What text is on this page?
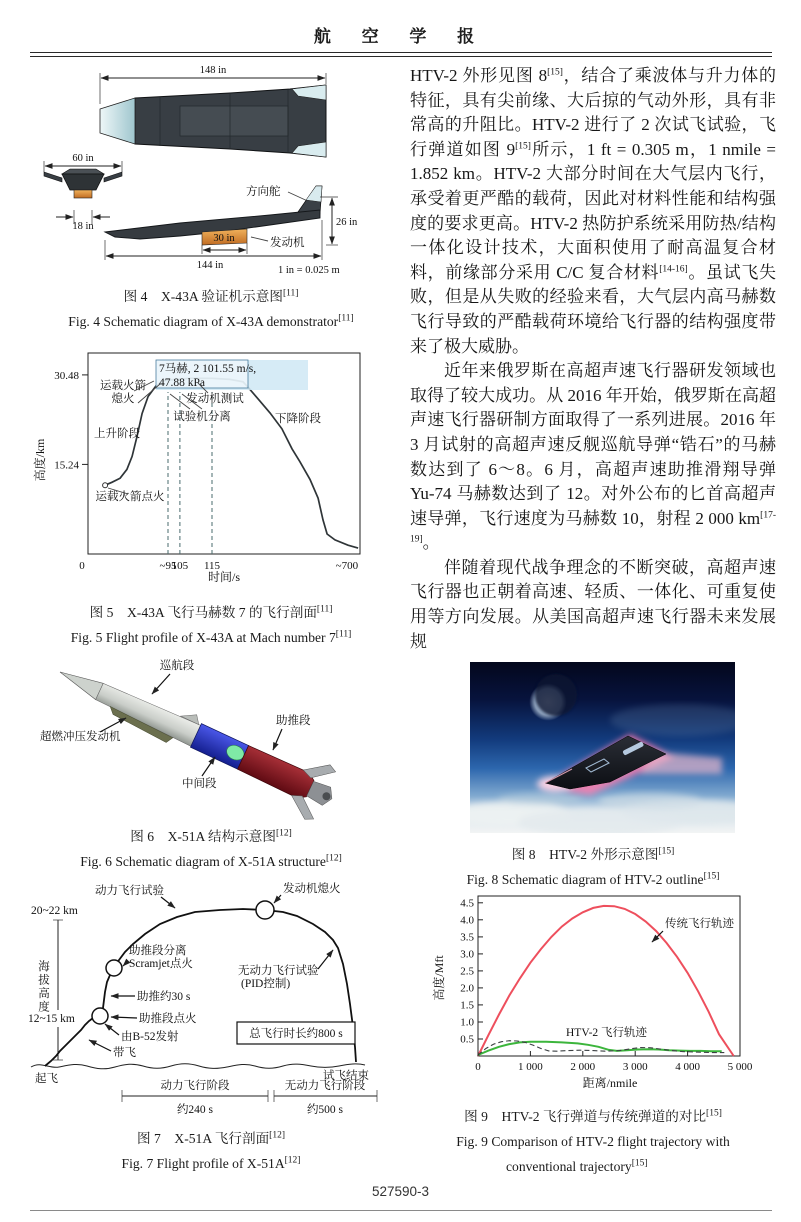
航 空 学 报
148 in
60 in
18 in
方向舵
30 in	发动机
26 in
144 in	1 in = 0.025 m
图 4　X-43A 验证机示意图[11]
Fig. 4 Schematic diagram of X-43A demonstrator[11]
0	~95
105 115	~700
30.48
15.24
7马赫, 2 101.55 m/s,
47.88 kPa
运载火箭
熄火
上升阶段
试验机分离
发动机测试
下降阶段
运载火箭点火
时间/s
高度/km
图 5　X-43A 飞行马赫数 7 的飞行剖面[11]
Fig. 5 Flight profile of X-43A at Mach number 7[11]
巡航段
超燃冲压发动机
助推段
中间段
图 6　X-51A 结构示意图[12]
Fig. 6 Schematic diagram of X-51A structure[12]
20~22 km
12~15 km
动力飞行试验	发动机熄火
助推段分离
Scramjet点火
助推约30 s
助推段点火
由B-52发射
带飞
起飞
无动力飞行试验
(PID控制)
总飞行时长约800 s
试飞结束
动力飞行阶段
约240 s
无动力飞行阶段
约500 s
海拔高度
图 7　X-51A 飞行剖面[12]
Fig. 7 Flight profile of X-51A[12]

HTV-2 外形见图 8[15]，结合了乘波体与升力体的特征，具有尖前缘、大后掠的气动外形，具有非常高的升阻比。HTV-2 进行了 2 次试飞试验，飞行弹道如图 9[15]所示，1 ft = 0.305 m，1 nmile = 1.852 km。HTV-2 大部分时间在大气层内飞行，承受着更严酷的载荷，因此对材料性能和结构强度的要求更高。HTV-2 热防护系统采用防热/结构一体化设计技术，大面积使用了耐高温复合材料，前缘部分采用 C/C 复合材料[14-16]。虽试飞失败，但是从失败的经验来看，大气层内高马赫数飞行导致的严酷载荷环境给飞行器的结构强度带来了极大威胁。

近年来俄罗斯在高超声速飞行器研发领域也取得了较大成功。从 2016 年开始，俄罗斯在高超声速飞行器研制方面取得了一系列进展。2016 年 3 月试射的高超声速反舰巡航导弹“锆石”的马赫数达到了 6～8。6 月，高超声速助推滑翔导弹 Yu-74 马赫数达到了 12。对外公布的匕首高超声速导弹，飞行速度为马赫数 10，射程 2 000 km[17-19]。

伴随着现代战争理念的不断突破，高超声速飞行器也正朝着高速、轻质、一体化、可重复使用等方向发展。从美国高超声速飞行器未来发展规

图 8　HTV-2 外形示意图[15]
Fig. 8 Schematic diagram of HTV-2 outline[15]
0	1 000	2 000	3 000	4 000	5 000
0.5
1.0
1.5
2.0
2.5
3.0
3.5
4.0
4.5
传统飞行轨迹
HTV-2 飞行轨迹
距离/nmile
高度/Mft
图 9　HTV-2 飞行弹道与传统弹道的对比[15]
Fig. 9 Comparison of HTV-2 flight trajectory with
conventional trajectory[15]
527590-3
